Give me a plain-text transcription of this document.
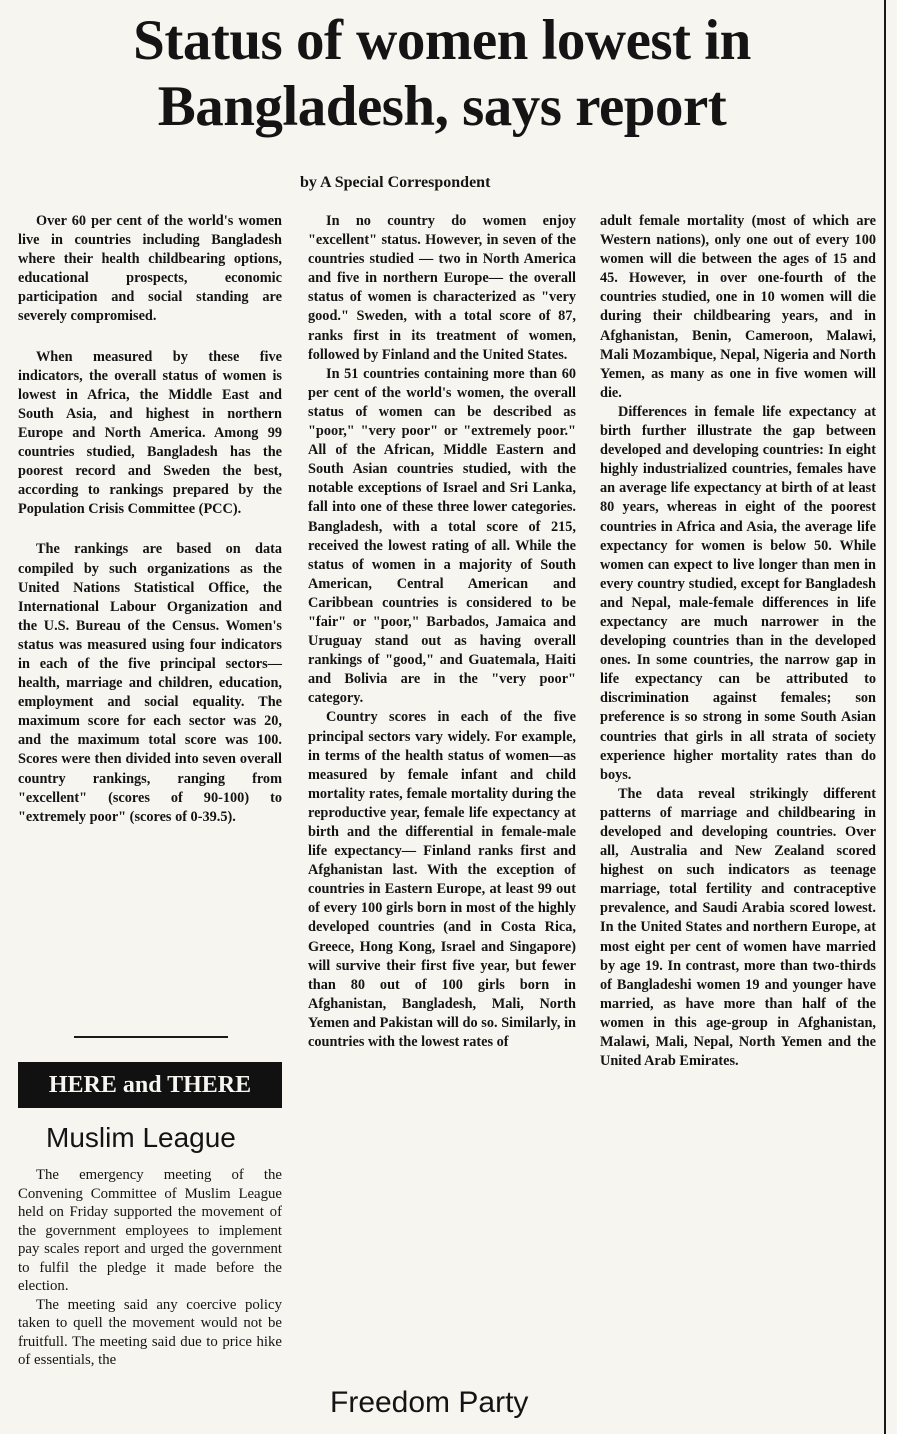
Status of women lowest in Bangladesh, says report
by A Special Correspondent

Over 60 per cent of the world's women live in countries including Bangladesh where their health childbearing options, educational prospects, economic participation and social standing are severely compromised.

When measured by these five indicators, the overall status of women is lowest in Africa, the Middle East and South Asia, and highest in northern Europe and North America. Among 99 countries studied, Bangladesh has the poorest record and Sweden the best, according to rankings prepared by the Population Crisis Committee (PCC).

The rankings are based on data compiled by such organizations as the United Nations Statistical Office, the International Labour Organization and the U.S. Bureau of the Census. Women's status was measured using four indicators in each of the five principal sectors—health, marriage and children, education, employment and social equality. The maximum score for each sector was 20, and the maximum total score was 100. Scores were then divided into seven overall country rankings, ranging from "excellent" (scores of 90-100) to "extremely poor" (scores of 0-39.5).

In no country do women enjoy "excellent" status. However, in seven of the countries studied — two in North America and five in northern Europe— the overall status of women is characterized as "very good." Sweden, with a total score of 87, ranks first in its treatment of women, followed by Finland and the United States.

In 51 countries containing more than 60 per cent of the world's women, the overall status of women can be described as "poor," "very poor" or "extremely poor." All of the African, Middle Eastern and South Asian countries studied, with the notable exceptions of Israel and Sri Lanka, fall into one of these three lower categories. Bangladesh, with a total score of 215, received the lowest rating of all. While the status of women in a majority of South American, Central American and Caribbean countries is considered to be "fair" or "poor," Barbados, Jamaica and Uruguay stand out as having overall rankings of "good," and Guatemala, Haiti and Bolivia are in the "very poor" category.

Country scores in each of the five principal sectors vary widely. For example, in terms of the health status of women—as measured by female infant and child mortality rates, female mortality during the reproductive year, female life expectancy at birth and the differential in female-male life expectancy— Finland ranks first and Afghanistan last. With the exception of countries in Eastern Europe, at least 99 out of every 100 girls born in most of the highly developed countries (and in Costa Rica, Greece, Hong Kong, Israel and Singapore) will survive their first five year, but fewer than 80 out of 100 girls born in Afghanistan, Bangladesh, Mali, North Yemen and Pakistan will do so. Similarly, in countries with the lowest rates of

adult female mortality (most of which are Western nations), only one out of every 100 women will die between the ages of 15 and 45. However, in over one-fourth of the countries studied, one in 10 women will die during their childbearing years, and in Afghanistan, Benin, Cameroon, Malawi, Mali Mozambique, Nepal, Nigeria and North Yemen, as many as one in five women will die.

Differences in female life expectancy at birth further illustrate the gap between developed and developing countries: In eight highly industrialized countries, females have an average life expectancy at birth of at least 80 years, whereas in eight of the poorest countries in Africa and Asia, the average life expectancy for women is below 50. While women can expect to live longer than men in every country studied, except for Bangladesh and Nepal, male-female differences in life expectancy are much narrower in the developing countries than in the developed ones. In some countries, the narrow gap in life expectancy can be attributed to discrimination against females; son preference is so strong in some South Asian countries that girls in all strata of society experience higher mortality rates than do boys.

The data reveal strikingly different patterns of marriage and childbearing in developed and developing countries. Over all, Australia and New Zealand scored highest on such indicators as teenage marriage, total fertility and contraceptive prevalence, and Saudi Arabia scored lowest. In the United States and northern Europe, at most eight per cent of women have married by age 19. In contrast, more than two-thirds of Bangladeshi women 19 and younger have married, as have more than half of the women in this age-group in Afghanistan, Malawi, Mali, Nepal, North Yemen and the United Arab Emirates.

HERE and THERE
Muslim League

The emergency meeting of the Convening Committee of Muslim League held on Friday supported the movement of the government employees to implement pay scales report and urged the government to fulfil the pledge it made before the election.

The meeting said any coercive policy taken to quell the movement would not be fruitfull. The meeting said due to price hike of essentials, the

Freedom Party
